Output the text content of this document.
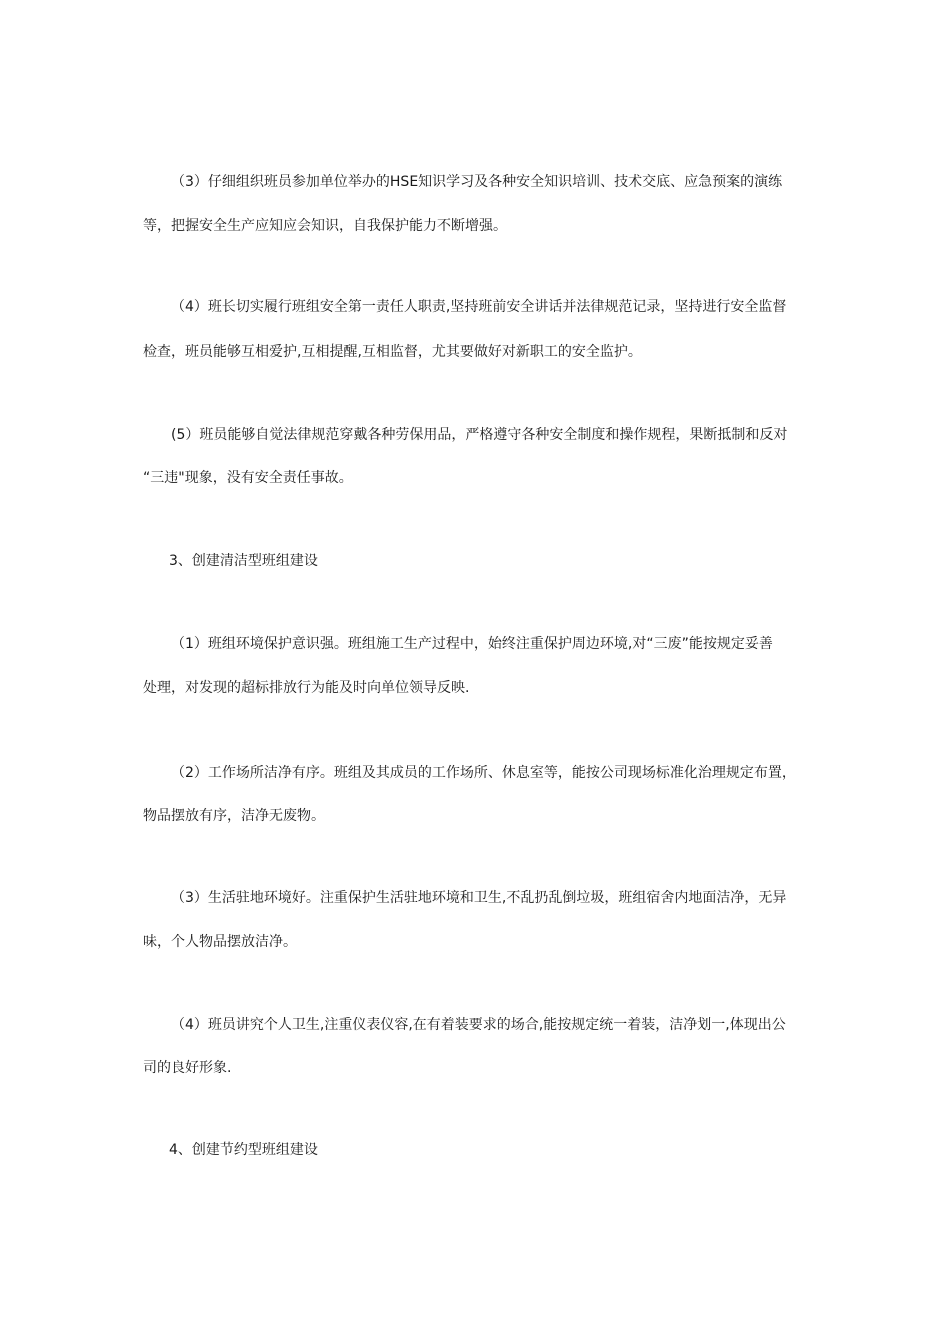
（3）仔细组织班员参加单位举办的HSE知识学习及各种安全知识培训、技术交底、应急预案的演练
等，把握安全生产应知应会知识，自我保护能力不断增强。
（4）班长切实履行班组安全第一责任人职责,坚持班前安全讲话并法律规范记录，坚持进行安全监督
检查，班员能够互相爱护,互相提醒,互相监督，尤其要做好对新职工的安全监护。
(5）班员能够自觉法律规范穿戴各种劳保用品，严格遵守各种安全制度和操作规程，果断抵制和反对
“三违"现象，没有安全责任事故。
3、创建清洁型班组建设
（1）班组环境保护意识强。班组施工生产过程中，始终注重保护周边环境,对“三废”能按规定妥善
处理，对发现的超标排放行为能及时向单位领导反映.
（2）工作场所洁净有序。班组及其成员的工作场所、休息室等，能按公司现场标准化治理规定布置，
物品摆放有序，洁净无废物。
（3）生活驻地环境好。注重保护生活驻地环境和卫生,不乱扔乱倒垃圾，班组宿舍内地面洁净，无异
味，个人物品摆放洁净。
（4）班员讲究个人卫生,注重仪表仪容,在有着装要求的场合,能按规定统一着装，洁净划一,体现出公
司的良好形象.
4、创建节约型班组建设
